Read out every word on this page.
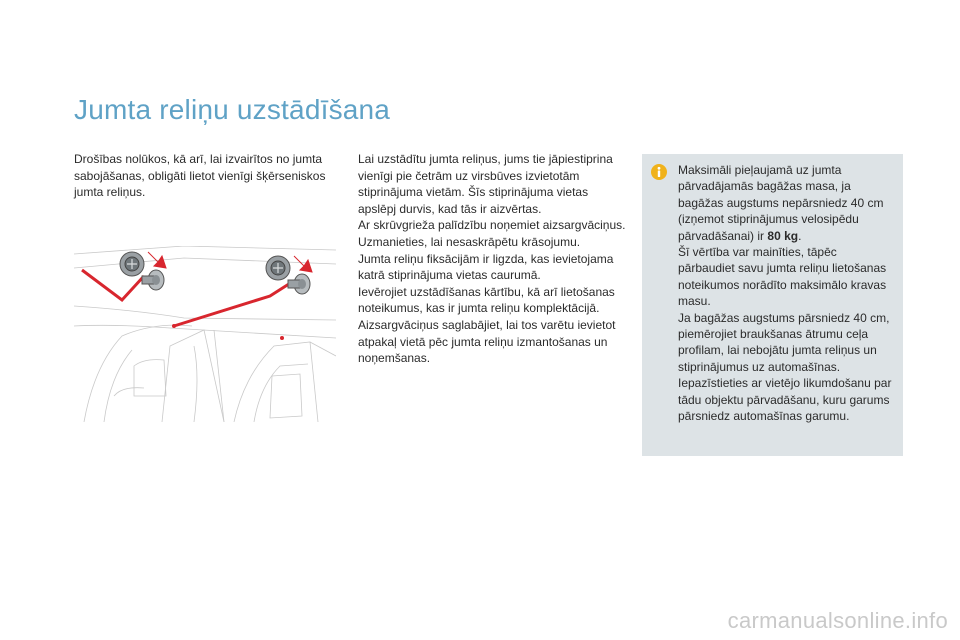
Jumta reliņu uzstādīšana

Drošības nolūkos, kā arī, lai izvairītos no jumta sabojāšanas, obligāti lietot vienīgi šķērseniskos jumta reliņus.

Lai uzstādītu jumta reliņus, jums tie jāpiestiprina vienīgi pie četrām uz virsbūves izvietotām stiprinājuma vietām. Šīs stiprinājuma vietas apslēpj durvis, kad tās ir aizvērtas.

Ar skrūvgrieža palīdzību noņemiet aizsargvāciņus. Uzmanieties, lai nesaskrāpētu krāsojumu.

Jumta reliņu fiksācijām ir ligzda, kas ievietojama katrā stiprinājuma vietas caurumā.

Ievērojiet uzstādīšanas kārtību, kā arī lietošanas noteikumus, kas ir jumta reliņu komplektācijā.

Aizsargvāciņus saglabājiet, lai tos varētu ievietot atpakaļ vietā pēc jumta reliņu izmantošanas un noņemšanas.

Maksimāli pieļaujamā uz jumta pārvadājamās bagāžas masa, ja bagāžas augstums nepārsniedz 40 cm (izņemot stiprinājumus velosipēdu pārvadāšanai) ir 80 kg.

Šī vērtība var mainīties, tāpēc pārbaudiet savu jumta reliņu lietošanas noteikumos norādīto maksimālo kravas masu.

Ja bagāžas augstums pārsniedz 40 cm, piemērojiet braukšanas ātrumu ceļa profilam, lai nebojātu jumta reliņus un stiprinājumus uz automašīnas.

Iepazīstieties ar vietējo likumdošanu par tādu objektu pārvadāšanu, kuru garums pārsniedz automašīnas garumu.

carmanualsonline.info
